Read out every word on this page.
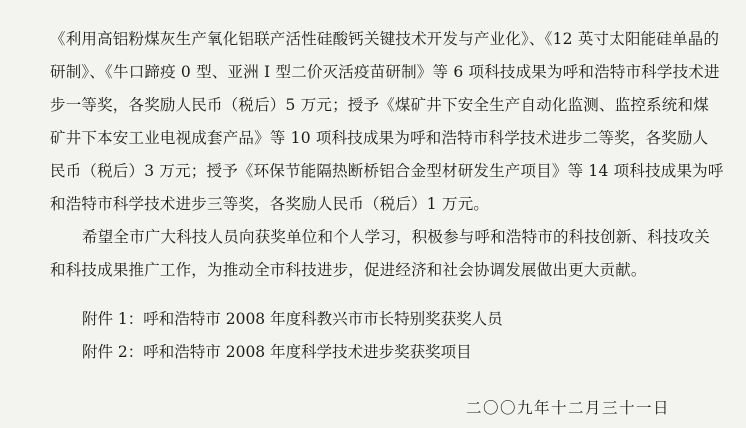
《利用高铝粉煤灰生产氧化铝联产活性硅酸钙关键技术开发与产业化》、《12 英寸太阳能硅单晶的
研制》、《牛口蹄疫 0 型、亚洲 I 型二价灭活疫苗研制》等 6 项科技成果为呼和浩特市科学技术进
步一等奖，各奖励人民币（税后）5 万元；授予《煤矿井下安全生产自动化监测、监控系统和煤
矿井下本安工业电视成套产品》等 10 项科技成果为呼和浩特市科学技术进步二等奖，各奖励人
民币（税后）3 万元；授予《环保节能隔热断桥铝合金型材研发生产项目》等 14 项科技成果为呼
和浩特市科学技术进步三等奖，各奖励人民币（税后）1 万元。
希望全市广大科技人员向获奖单位和个人学习，积极参与呼和浩特市的科技创新、科技攻关
和科技成果推广工作，为推动全市科技进步，促进经济和社会协调发展做出更大贡献。
附件 1：呼和浩特市 2008 年度科教兴市市长特别奖获奖人员
附件 2：呼和浩特市 2008 年度科学技术进步奖获奖项目
二〇〇九年十二月三十一日
